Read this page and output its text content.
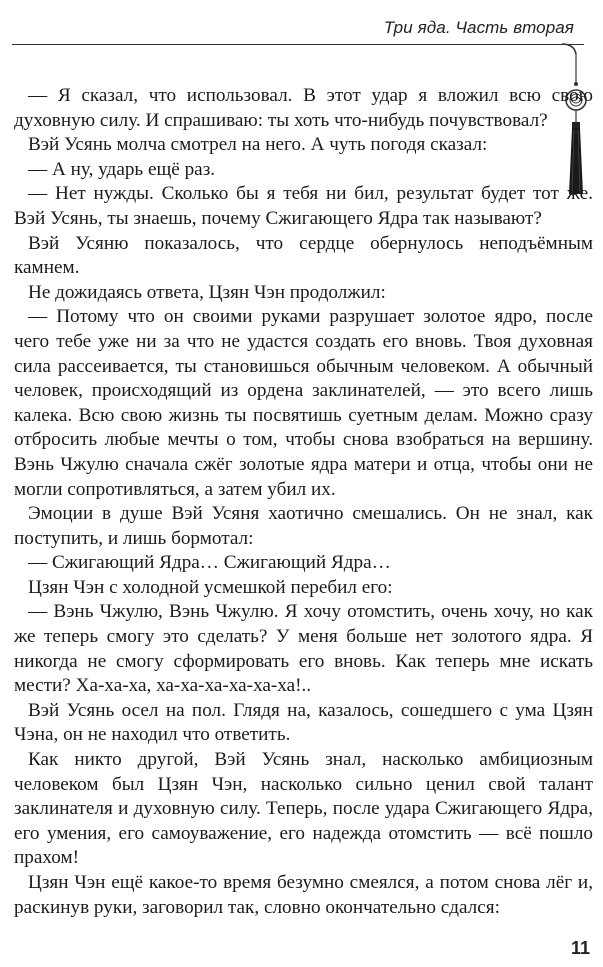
Три яда. Часть вторая

— Я сказал, что использовал. В этот удар я вложил всю свою духовную силу. И спрашиваю: ты хоть что-нибудь почувствовал?

Вэй Усянь молча смотрел на него. А чуть погодя сказал:

— А ну, ударь ещё раз.

— Нет нужды. Сколько бы я тебя ни бил, результат будет тот же. Вэй Усянь, ты знаешь, почему Сжигающего Ядра так называют?

Вэй Усяню показалось, что сердце обернулось неподъёмным камнем.

Не дожидаясь ответа, Цзян Чэн продолжил:

— Потому что он своими руками разрушает золотое ядро, после чего тебе уже ни за что не удастся создать его вновь. Твоя духовная сила рассеивается, ты становишься обычным человеком. А обычный человек, происходящий из ордена заклинателей, — это всего лишь калека. Всю свою жизнь ты посвятишь суетным делам. Можно сразу отбросить любые мечты о том, чтобы снова взобраться на вершину. Вэнь Чжулю сначала сжёг золотые ядра матери и отца, чтобы они не могли сопротивляться, а затем убил их.

Эмоции в душе Вэй Усяня хаотично смешались. Он не знал, как поступить, и лишь бормотал:

— Сжигающий Ядра… Сжигающий Ядра…

Цзян Чэн с холодной усмешкой перебил его:

— Вэнь Чжулю, Вэнь Чжулю. Я хочу отомстить, очень хочу, но как же теперь смогу это сделать? У меня больше нет золотого ядра. Я никогда не смогу сформировать его вновь. Как теперь мне искать мести? Ха-ха-ха, ха-ха-ха-ха-ха-ха!..

Вэй Усянь осел на пол. Глядя на, казалось, сошедшего с ума Цзян Чэна, он не находил что ответить.

Как никто другой, Вэй Усянь знал, насколько амбициозным человеком был Цзян Чэн, насколько сильно ценил свой талант заклинателя и духовную силу. Теперь, после удара Сжигающего Ядра, его умения, его самоуважение, его надежда отомстить — всё пошло прахом!

Цзян Чэн ещё какое-то время безумно смеялся, а потом снова лёг и, раскинув руки, заговорил так, словно окончательно сдался:

11
